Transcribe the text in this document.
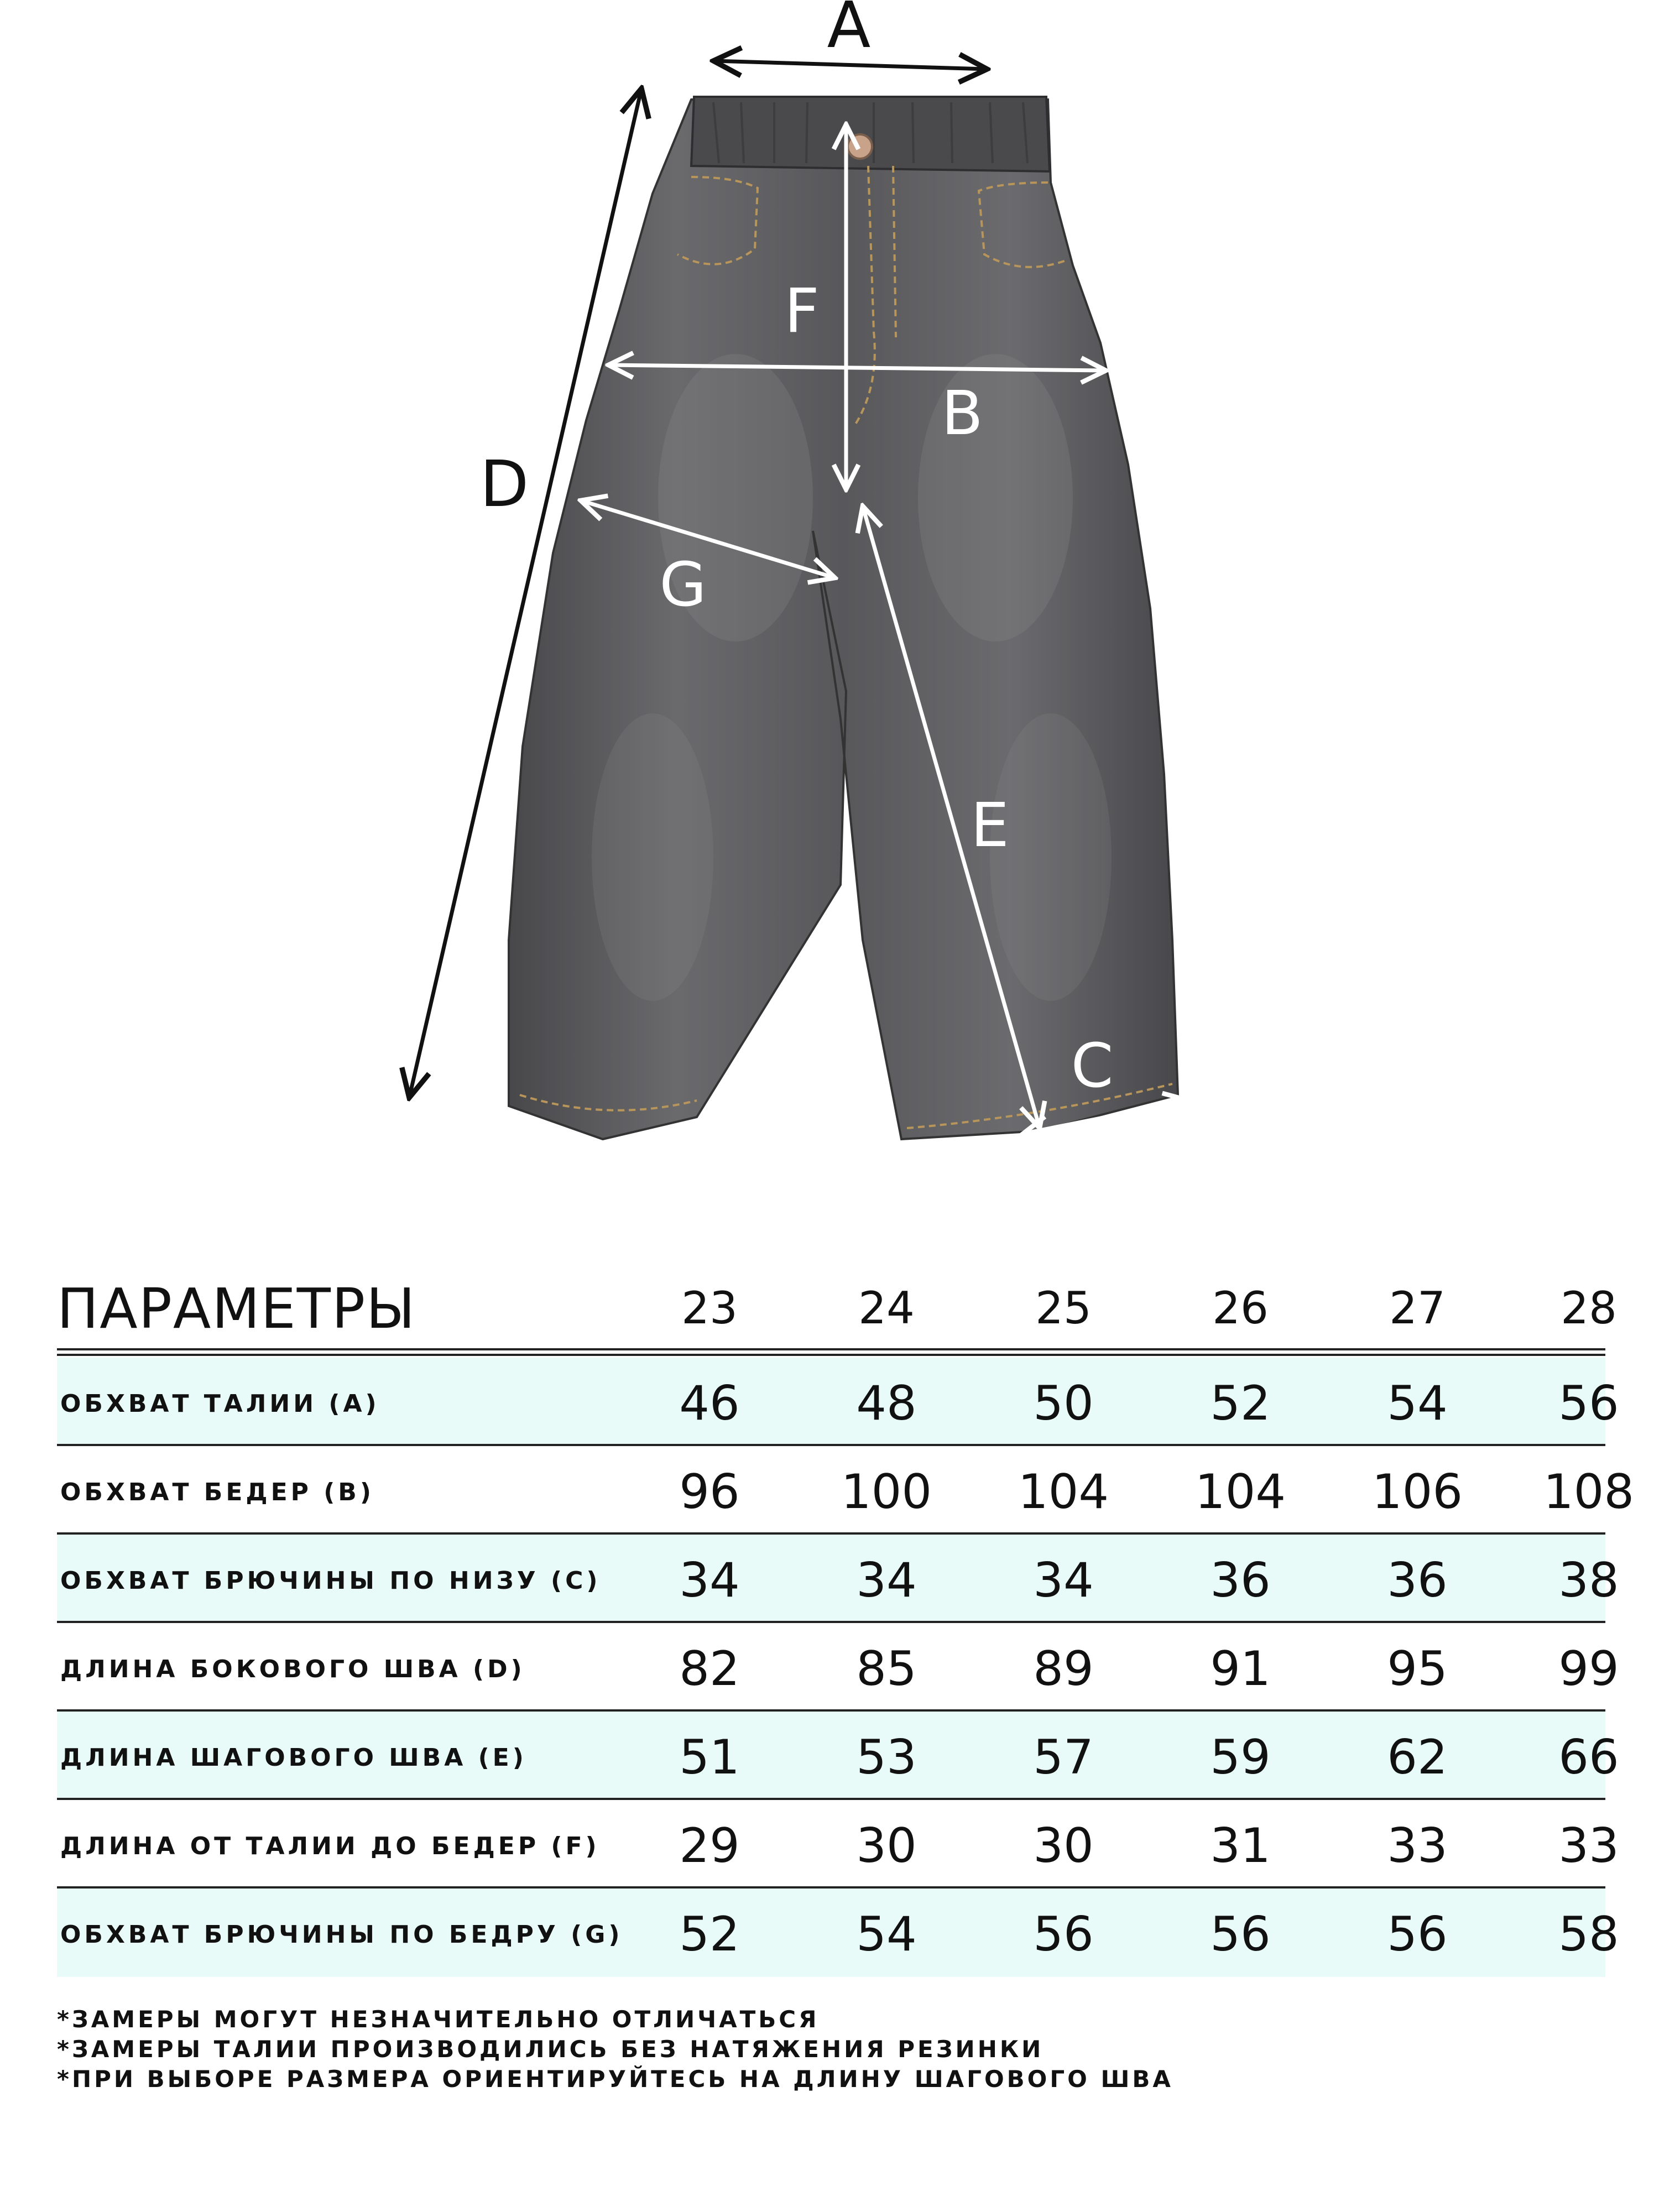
A
D
F
B
G
E
C
ПАРАМЕТРЫ	23	24	25	26	27	28
ОБХВАТ ТАЛИИ (А)	46	48	50	52	54	56
ОБХВАТ БЕДЕР (B)	96	100	104	104	106	108
ОБХВАТ БРЮЧИНЫ ПО НИЗУ (С)	34	34	34	36	36	38
ДЛИНА БОКОВОГО ШВА (D)	82	85	89	91	95	99
ДЛИНА ШАГОВОГО ШВА (E)	51	53	57	59	62	66
ДЛИНА ОТ ТАЛИИ ДО БЕДЕР (F)	29	30	30	31	33	33
ОБХВАТ БРЮЧИНЫ ПО БЕДРУ (G)	52	54	56	56	56	58
*ЗАМЕРЫ МОГУТ НЕЗНАЧИТЕЛЬНО ОТЛИЧАТЬСЯ
*ЗАМЕРЫ ТАЛИИ ПРОИЗВОДИЛИСЬ БЕЗ НАТЯЖЕНИЯ РЕЗИНКИ
*ПРИ ВЫБОРЕ РАЗМЕРА ОРИЕНТИРУЙТЕСЬ НА ДЛИНУ ШАГОВОГО ШВА
